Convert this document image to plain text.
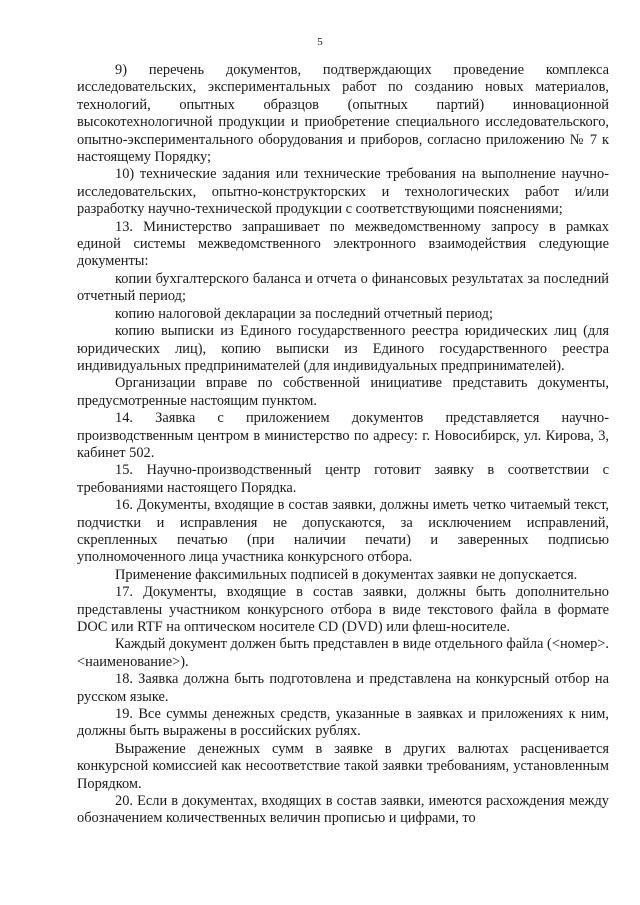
5

9) перечень документов, подтверждающих проведение комплекса исследовательских, экспериментальных работ по созданию новых материалов, технологий, опытных образцов (опытных партий) инновационной высокотехнологичной продукции и приобретение специального исследовательского, опытно-экспериментального оборудования и приборов, согласно приложению № 7 к настоящему Порядку;

10) технические задания или технические требования на выполнение научно-исследовательских, опытно-конструкторских и технологических работ и/или разработку научно-технической продукции с соответствующими пояснениями;

13. Министерство запрашивает по межведомственному запросу в рамках единой системы межведомственного электронного взаимодействия следующие документы:

копии бухгалтерского баланса и отчета о финансовых результатах за последний отчетный период;

копию налоговой декларации за последний отчетный период;

копию выписки из Единого государственного реестра юридических лиц (для юридических лиц), копию выписки из Единого государственного реестра индивидуальных предпринимателей (для индивидуальных предпринимателей).

Организации вправе по собственной инициативе представить документы, предусмотренные настоящим пунктом.

14. Заявка с приложением документов представляется научно-производственным центром в министерство по адресу: г. Новосибирск, ул. Кирова, 3, кабинет 502.

15. Научно-производственный центр готовит заявку в соответствии с требованиями настоящего Порядка.

16. Документы, входящие в состав заявки, должны иметь четко читаемый текст, подчистки и исправления не допускаются, за исключением исправлений, скрепленных печатью (при наличии печати) и заверенных подписью уполномоченного лица участника конкурсного отбора.

Применение факсимильных подписей в документах заявки не допускается.

17. Документы, входящие в состав заявки, должны быть дополнительно представлены участником конкурсного отбора в виде текстового файла в формате DOC или RTF на оптическом носителе CD (DVD) или флеш-носителе.

Каждый документ должен быть представлен в виде отдельного файла (<номер>.<наименование>).

18. Заявка должна быть подготовлена и представлена на конкурсный отбор на русском языке.

19. Все суммы денежных средств, указанные в заявках и приложениях к ним, должны быть выражены в российских рублях.

Выражение денежных сумм в заявке в других валютах расценивается конкурсной комиссией как несоответствие такой заявки требованиям, установленным Порядком.

20. Если в документах, входящих в состав заявки, имеются расхождения между обозначением количественных величин прописью и цифрами, то
